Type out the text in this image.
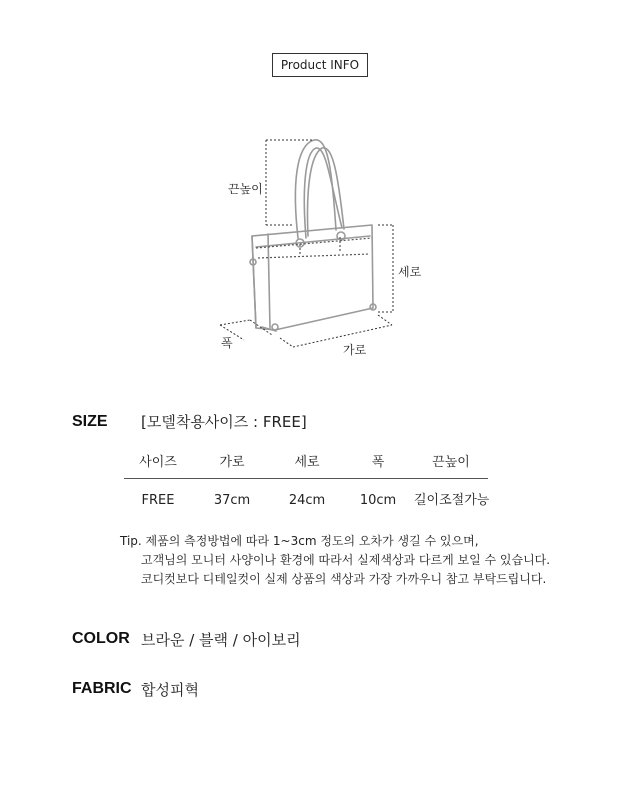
Product INFO
끈높이
세로
폭	가로
SIZE [모델착용사이즈 : FREE]
사이즈	가로	세로	폭	끈높이
FREE	37cm	24cm	10cm	길이조절가능
Tip. 제품의 측정방법에 따라 1~3cm 정도의 오차가 생길 수 있으며,
고객님의 모니터 사양이나 환경에 따라서 실제색상과 다르게 보일 수 있습니다.
코디컷보다 디테일컷이 실제 상품의 색상과 가장 가까우니 참고 부탁드립니다.
COLOR 브라운 / 블랙 / 아이보리
FABRIC 합성피혁
